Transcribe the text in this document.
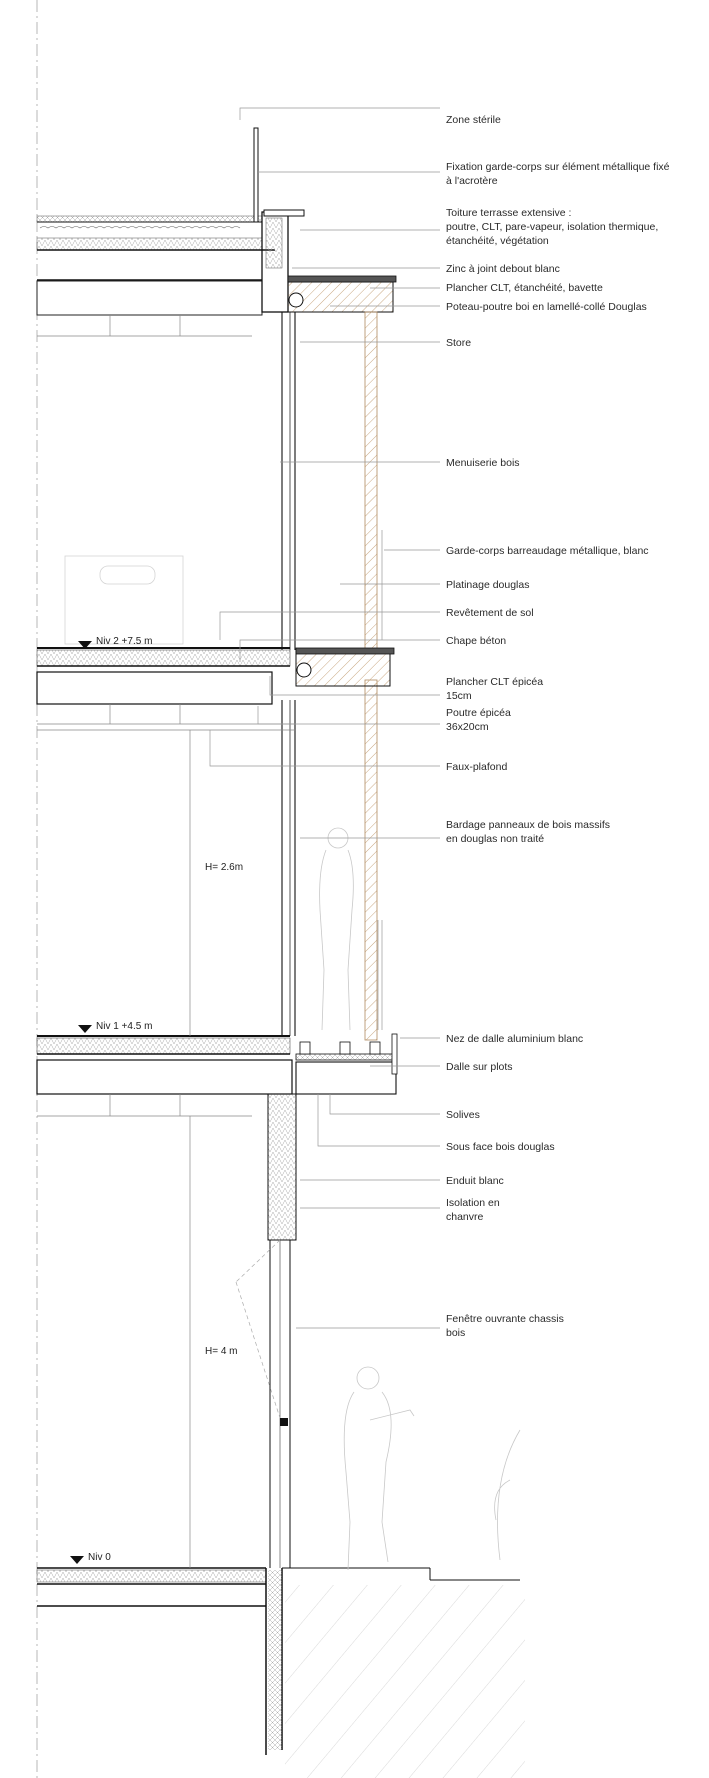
Niv 2 +7.5 m
Niv 1 +4.5 m
Niv 0
H= 2.6m
H= 4 m
Zone stérile
Fixation garde-corps sur élément métallique fixé
à l'acrotère
Toiture terrasse extensive :
poutre, CLT, pare-vapeur, isolation thermique,
étanchéité, végétation
Zinc à joint debout blanc
Plancher CLT, étanchéité, bavette
Poteau-poutre boi en lamellé-collé Douglas
Store
Menuiserie bois
Garde-corps barreaudage métallique, blanc
Platinage douglas
Revêtement de sol
Chape béton
Plancher CLT épicéa
15cm
Poutre épicéa
36x20cm
Faux-plafond
Bardage panneaux de bois massifs
en douglas non traité
Nez de dalle aluminium blanc
Dalle sur plots
Solives
Sous face bois douglas
Enduit blanc
Isolation en
chanvre
Fenêtre ouvrante chassis
bois
